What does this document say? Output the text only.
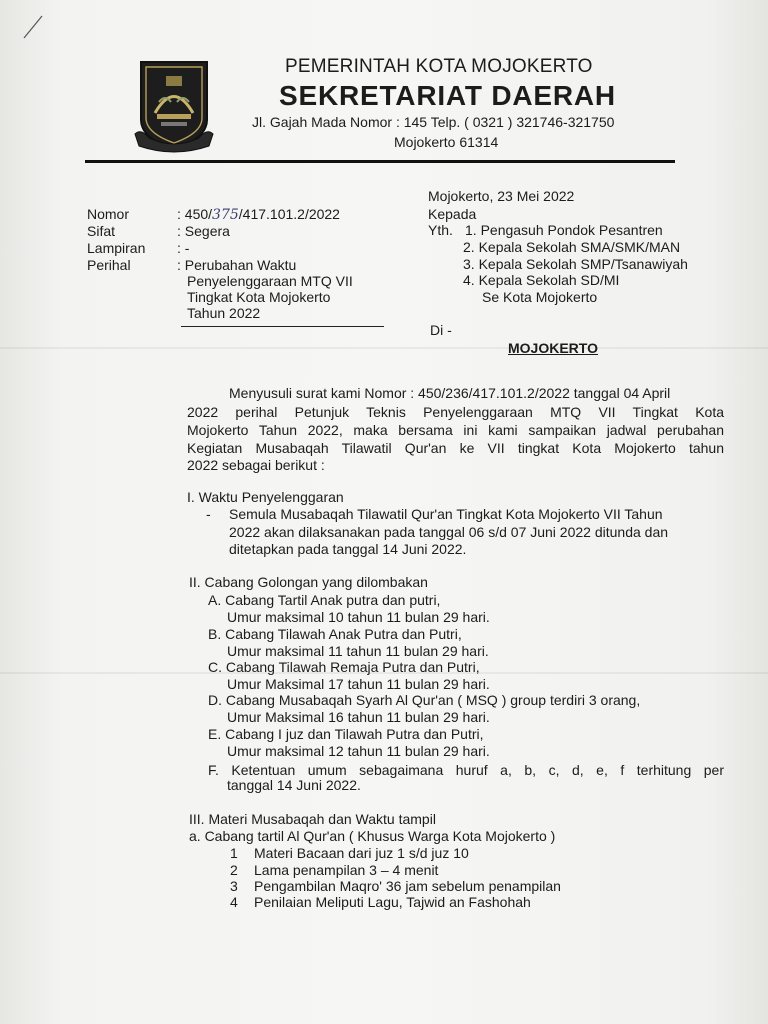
PEMERINTAH KOTA MOJOKERTO
SEKRETARIAT DAERAH
Jl. Gajah Mada Nomor : 145 Telp. ( 0321 ) 321746-321750
Mojokerto 61314
Mojokerto, 23 Mei 2022
Kepada
Yth. 1. Pengasuh Pondok Pesantren
2. Kepala Sekolah SMA/SMK/MAN
3. Kepala Sekolah SMP/Tsanawiyah
4. Kepala Sekolah SD/MI
Se Kota Mojokerto
Di -
MOJOKERTO
Nomor	: 450/375/417.101.2/2022
Sifat	: Segera
Lampiran : -
Perihal	: Perubahan Waktu
Penyelenggaraan MTQ VII
Tingkat Kota Mojokerto
Tahun 2022
Menyusuli surat kami Nomor : 450/236/417.101.2/2022 tanggal 04 April
2022 perihal Petunjuk Teknis Penyelenggaraan MTQ VII Tingkat Kota
Mojokerto Tahun 2022, maka bersama ini kami sampaikan jadwal perubahan
Kegiatan Musabaqah Tilawatil Qur'an ke VII tingkat Kota Mojokerto tahun
2022 sebagai berikut :
I. Waktu Penyelenggaran
- Semula Musabaqah Tilawatil Qur'an Tingkat Kota Mojokerto VII Tahun
2022 akan dilaksanakan pada tanggal 06 s/d 07 Juni 2022 ditunda dan
ditetapkan pada tanggal 14 Juni 2022.
II. Cabang Golongan yang dilombakan
A. Cabang Tartil Anak putra dan putri,
Umur maksimal 10 tahun 11 bulan 29 hari.
B. Cabang Tilawah Anak Putra dan Putri,
Umur maksimal 11 tahun 11 bulan 29 hari.
C. Cabang Tilawah Remaja Putra dan Putri,
Umur Maksimal 17 tahun 11 bulan 29 hari.
D. Cabang Musabaqah Syarh Al Qur'an ( MSQ ) group terdiri 3 orang,
Umur Maksimal 16 tahun 11 bulan 29 hari.
E. Cabang I juz dan Tilawah Putra dan Putri,
Umur maksimal 12 tahun 11 bulan 29 hari.
F. Ketentuan umum sebagaimana huruf a, b, c, d, e, f terhitung per
tanggal 14 Juni 2022.
III. Materi Musabaqah dan Waktu tampil
a. Cabang tartil Al Qur'an ( Khusus Warga Kota Mojokerto )
1 Materi Bacaan dari juz 1 s/d juz 10
2 Lama penampilan 3 – 4 menit
3 Pengambilan Maqro' 36 jam sebelum penampilan
4 Penilaian Meliputi Lagu, Tajwid an Fashohah
